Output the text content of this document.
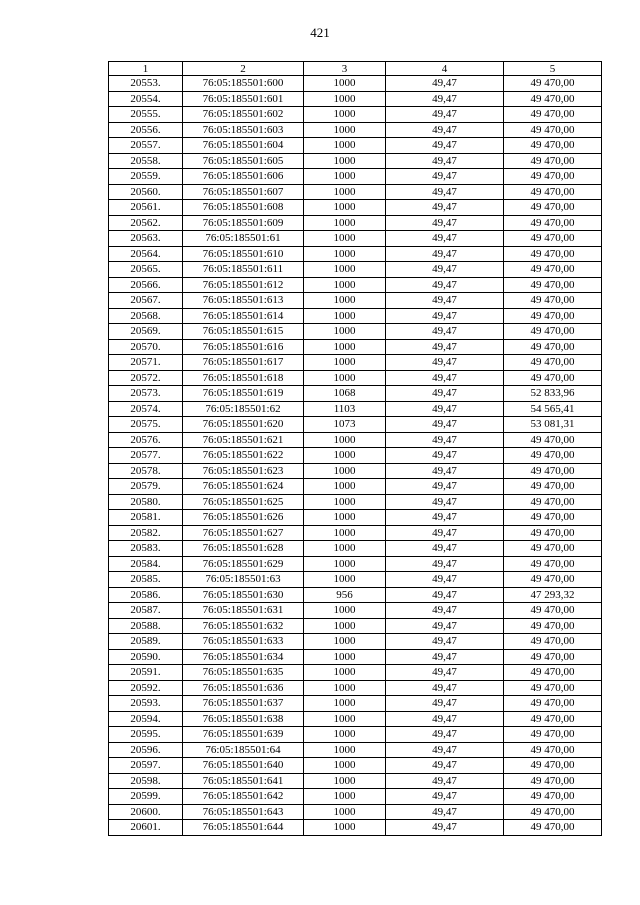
421
1	2	3	4	5
20553.	76:05:185501:600	1000	49,47	49 470,00
20554.	76:05:185501:601	1000	49,47	49 470,00
20555.	76:05:185501:602	1000	49,47	49 470,00
20556.	76:05:185501:603	1000	49,47	49 470,00
20557.	76:05:185501:604	1000	49,47	49 470,00
20558.	76:05:185501:605	1000	49,47	49 470,00
20559.	76:05:185501:606	1000	49,47	49 470,00
20560.	76:05:185501:607	1000	49,47	49 470,00
20561.	76:05:185501:608	1000	49,47	49 470,00
20562.	76:05:185501:609	1000	49,47	49 470,00
20563.	76:05:185501:61	1000	49,47	49 470,00
20564.	76:05:185501:610	1000	49,47	49 470,00
20565.	76:05:185501:611	1000	49,47	49 470,00
20566.	76:05:185501:612	1000	49,47	49 470,00
20567.	76:05:185501:613	1000	49,47	49 470,00
20568.	76:05:185501:614	1000	49,47	49 470,00
20569.	76:05:185501:615	1000	49,47	49 470,00
20570.	76:05:185501:616	1000	49,47	49 470,00
20571.	76:05:185501:617	1000	49,47	49 470,00
20572.	76:05:185501:618	1000	49,47	49 470,00
20573.	76:05:185501:619	1068	49,47	52 833,96
20574.	76:05:185501:62	1103	49,47	54 565,41
20575.	76:05:185501:620	1073	49,47	53 081,31
20576.	76:05:185501:621	1000	49,47	49 470,00
20577.	76:05:185501:622	1000	49,47	49 470,00
20578.	76:05:185501:623	1000	49,47	49 470,00
20579.	76:05:185501:624	1000	49,47	49 470,00
20580.	76:05:185501:625	1000	49,47	49 470,00
20581.	76:05:185501:626	1000	49,47	49 470,00
20582.	76:05:185501:627	1000	49,47	49 470,00
20583.	76:05:185501:628	1000	49,47	49 470,00
20584.	76:05:185501:629	1000	49,47	49 470,00
20585.	76:05:185501:63	1000	49,47	49 470,00
20586.	76:05:185501:630	956	49,47	47 293,32
20587.	76:05:185501:631	1000	49,47	49 470,00
20588.	76:05:185501:632	1000	49,47	49 470,00
20589.	76:05:185501:633	1000	49,47	49 470,00
20590.	76:05:185501:634	1000	49,47	49 470,00
20591.	76:05:185501:635	1000	49,47	49 470,00
20592.	76:05:185501:636	1000	49,47	49 470,00
20593.	76:05:185501:637	1000	49,47	49 470,00
20594.	76:05:185501:638	1000	49,47	49 470,00
20595.	76:05:185501:639	1000	49,47	49 470,00
20596.	76:05:185501:64	1000	49,47	49 470,00
20597.	76:05:185501:640	1000	49,47	49 470,00
20598.	76:05:185501:641	1000	49,47	49 470,00
20599.	76:05:185501:642	1000	49,47	49 470,00
20600.	76:05:185501:643	1000	49,47	49 470,00
20601.	76:05:185501:644	1000	49,47	49 470,00
